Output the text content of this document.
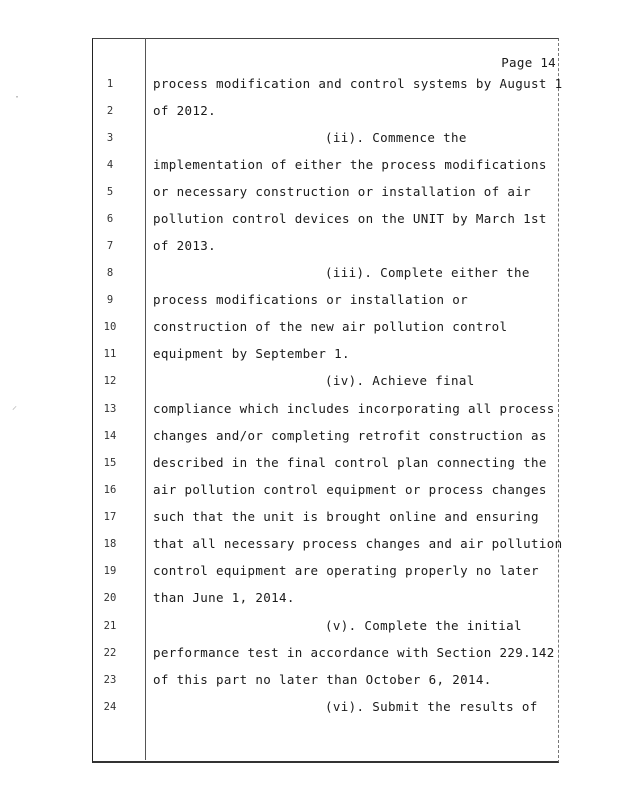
Page 14
·
⸝
1
2
3
4
5
6
7
8
9
10
11
12
13
14
15
16
17
18
19
20
21
22
23
24
process modification and control systems by August 1
of 2012.
(ii). Commence the
implementation of either the process modifications
or necessary construction or installation of air
pollution control devices on the UNIT by March 1st
of 2013.
(iii). Complete either the
process modifications or installation or
construction of the new air pollution control
equipment by September 1.
(iv). Achieve final
compliance which includes incorporating all process
changes and/or completing retrofit construction as
described in the final control plan connecting the
air pollution control equipment or process changes
such that the unit is brought online and ensuring
that all necessary process changes and air pollution
control equipment are operating properly no later
than June 1, 2014.
(v). Complete the initial
performance test in accordance with Section 229.142
of this part no later than October 6, 2014.
(vi). Submit the results of
